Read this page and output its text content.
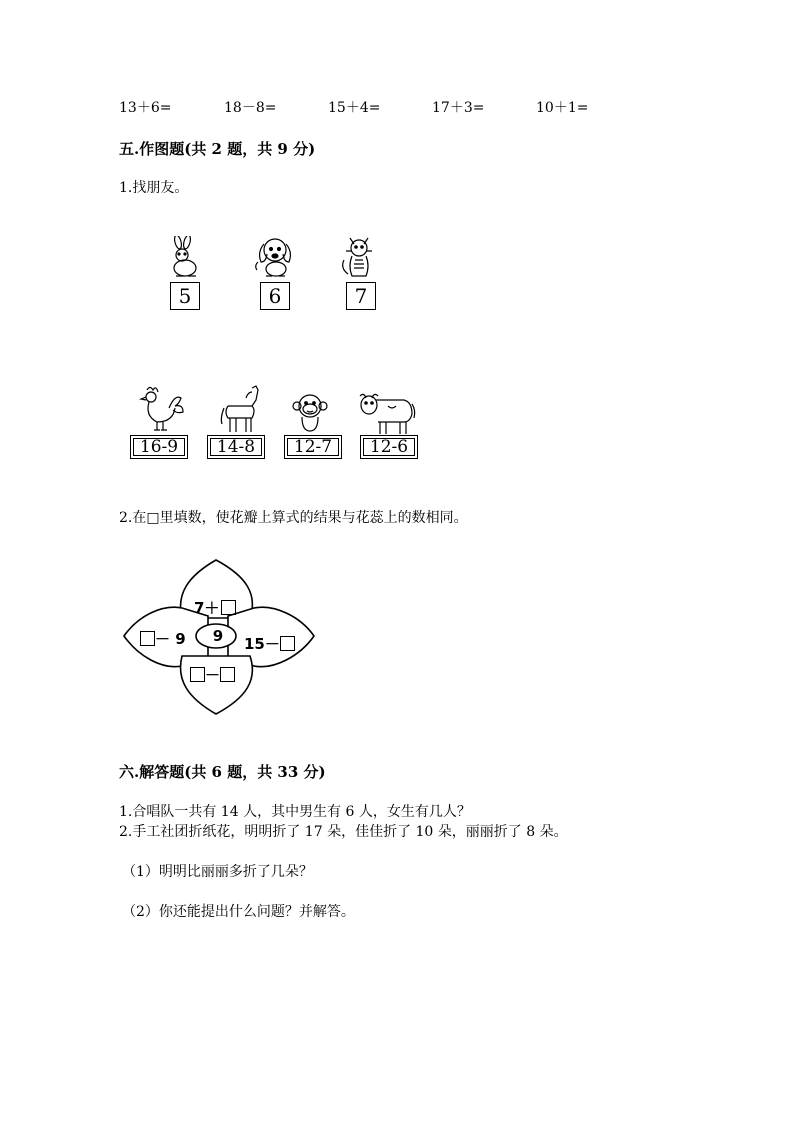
13＋6=	18－8=	15＋4=	17＋3=	10＋1=
五.作图题(共 2 题，共 9 分)
1.找朋友。
5	6	7
16-9	14-8	12-7	12-6
2.在□里填数，使花瓣上算式的结果与花蕊上的数相同。
9
7＋
－ 9	15－
－
六.解答题(共 6 题，共 33 分)
1.合唱队一共有 14 人，其中男生有 6 人，女生有几人？
2.手工社团折纸花，明明折了 17 朵，佳佳折了 10 朵，丽丽折了 8 朵。
（1）明明比丽丽多折了几朵？
（2）你还能提出什么问题？并解答。
